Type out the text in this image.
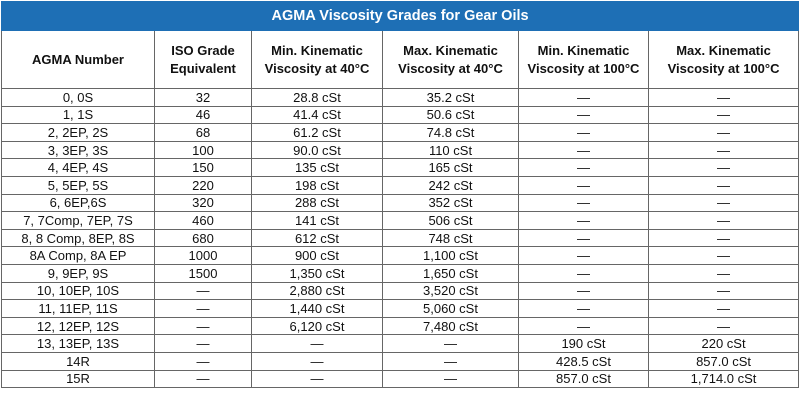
AGMA Viscosity Grades for Gear Oils					
AGMA Number	ISO Grade Equivalent	Min. Kinematic Viscosity at 40°C	Max. Kinematic Viscosity at 40°C	Min. Kinematic Viscosity at 100°C	Max. Kinematic Viscosity at 100°C
0, 0S	32	28.8 cSt	35.2 cSt	—	—
1, 1S	46	41.4 cSt	50.6 cSt	—	—
2, 2EP, 2S	68	61.2 cSt	74.8 cSt	—	—
3, 3EP, 3S	100	90.0 cSt	110 cSt	—	—
4, 4EP, 4S	150	135 cSt	165 cSt	—	—
5, 5EP, 5S	220	198 cSt	242 cSt	—	—
6, 6EP,6S	320	288 cSt	352 cSt	—	—
7, 7Comp, 7EP, 7S	460	141 cSt	506 cSt	—	—
8, 8 Comp, 8EP, 8S	680	612 cSt	748 cSt	—	—
8A Comp, 8A EP	1000	900 cSt	1,100 cSt	—	—
9, 9EP, 9S	1500	1,350 cSt	1,650 cSt	—	—
10, 10EP, 10S	—	2,880 cSt	3,520 cSt	—	—
11, 11EP, 11S	—	1,440 cSt	5,060 cSt	—	—
12, 12EP, 12S	—	6,120 cSt	7,480 cSt	—	—
13, 13EP, 13S	—	—	—	190 cSt	220 cSt
14R	—	—	—	428.5 cSt	857.0 cSt
15R	—	—	—	857.0 cSt	1,714.0 cSt
